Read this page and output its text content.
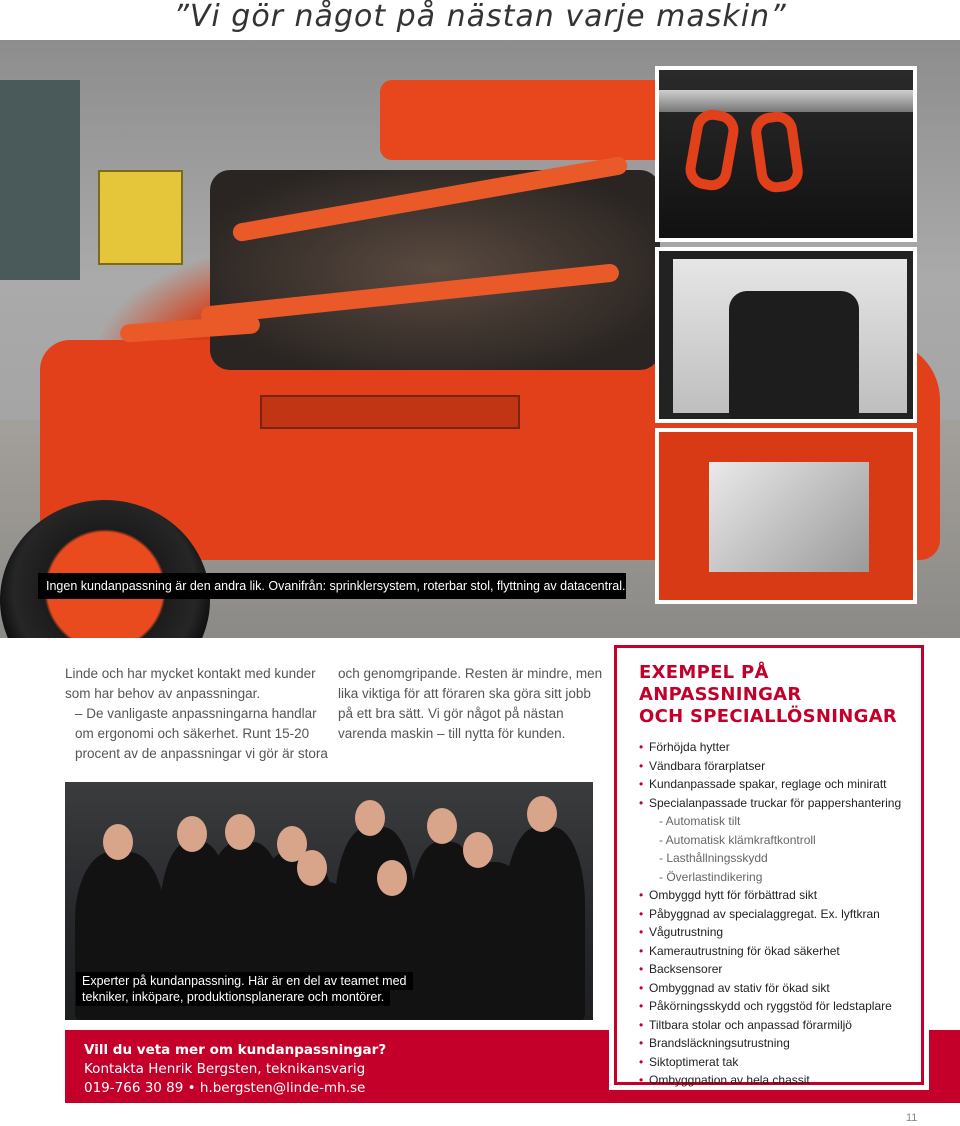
”Vi gör något på nästan varje maskin”
Ingen kundanpassning är den andra lik. Ovanifrån: sprinklersystem, roterbar stol, flyttning av datacentral.

Linde och har mycket kontakt med kunder som har behov av anpassningar.

– De vanligaste anpassningarna handlar om ergonomi och säkerhet. Runt 15-20 procent av de anpassningar vi gör är stora

och genomgripande. Resten är mindre, men lika viktiga för att föraren ska göra sitt jobb på ett bra sätt. Vi gör något på nästan varenda maskin – till nytta för kunden.

Experter på kundanpassning. Här är en del av teamet med
tekniker, inköpare, produktionsplanerare och montörer.
Vill du veta mer om kundanpassningar?
Kontakta Henrik Bergsten, teknikansvarig
019-766 30 89 • h.bergsten@linde-mh.se
EXEMPEL PÅ ANPASSNINGAR
OCH SPECIALLÖSNINGAR
• Förhöjda hytter
• Vändbara förarplatser
• Kundanpassade spakar, reglage och miniratt
• Specialanpassade truckar för pappershantering
- Automatisk tilt
- Automatisk klämkraftkontroll
- Lasthållningsskydd
- Överlastindikering
• Ombyggd hytt för förbättrad sikt
• Påbyggnad av specialaggregat. Ex. lyftkran
• Vågutrustning
• Kamerautrustning för ökad säkerhet
• Backsensorer
• Ombyggnad av stativ för ökad sikt
• Påkörningsskydd och ryggstöd för ledstaplare
• Tiltbara stolar och anpassad förarmiljö
• Brandsläckningsutrustning
• Siktoptimerat tak
• Ombyggnation av hela chassit
11
